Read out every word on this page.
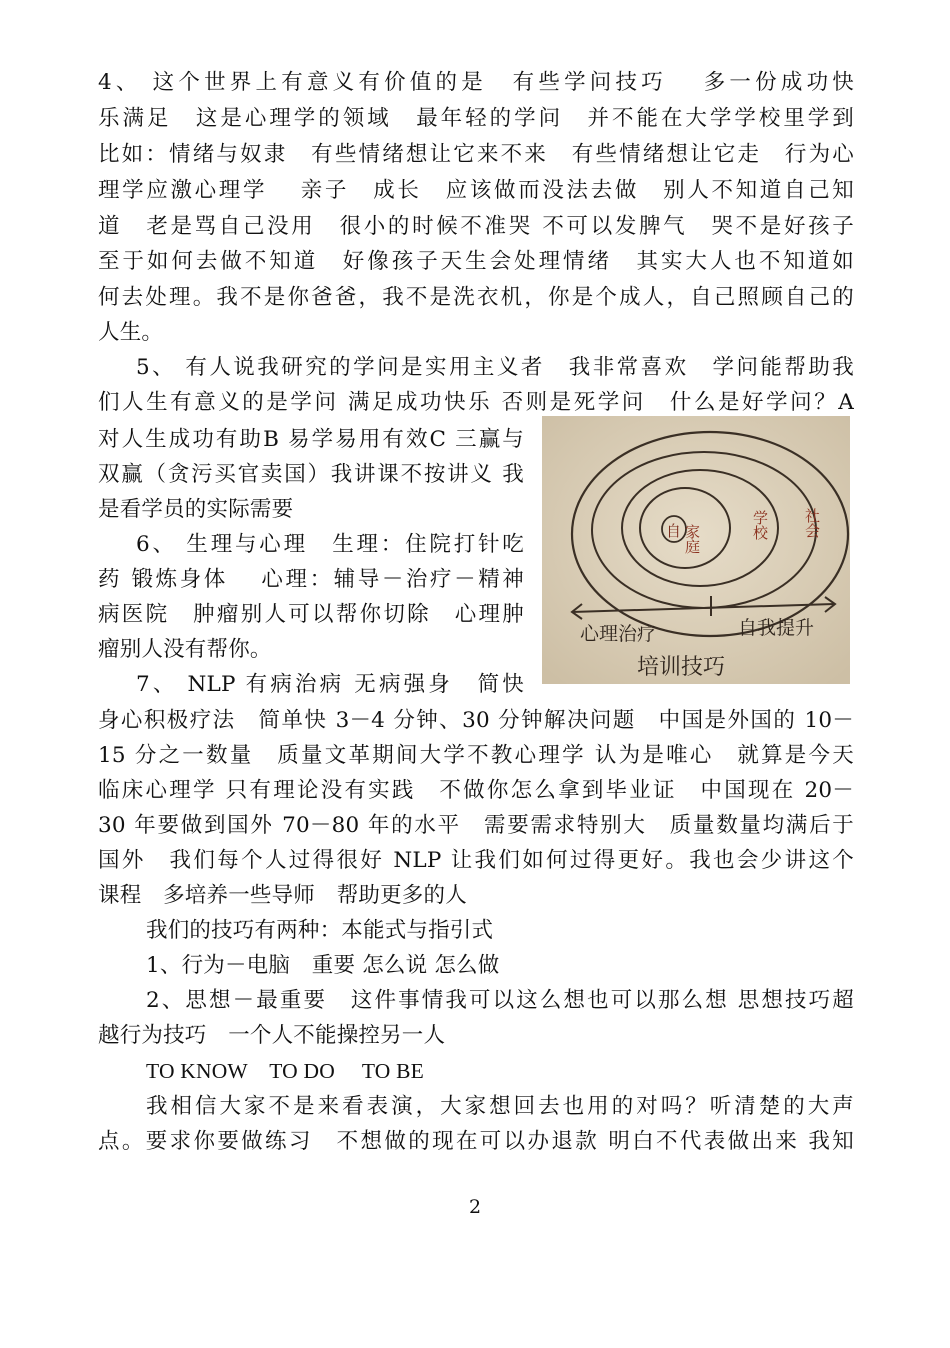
4、 这个世界上有意义有价值的是　有些学问技巧　 多一份成功快
乐满足　这是心理学的领域　最年轻的学问　并不能在大学学校里学到
比如：情绪与奴隶　有些情绪想让它来不来　有些情绪想让它走　行为心
理学应激心理学　 亲子　成长　应该做而没法去做　别人不知道自己知
道　老是骂自己没用　很小的时候不准哭 不可以发脾气　哭不是好孩子
至于如何去做不知道　好像孩子天生会处理情绪　其实大人也不知道如
何去处理。我不是你爸爸，我不是洗衣机，你是个成人，自己照顾自己的
人生。
5、 有人说我研究的学问是实用主义者　我非常喜欢　学问能帮助我
们人生有意义的是学问 满足成功快乐 否则是死学问　什么是好学问？A
对人生成功有助B 易学易用有效C 三赢与
双赢（贪污买官卖国）我讲课不按讲义 我
是看学员的实际需要
6、 生理与心理　生理：住院打针吃
药 锻炼身体　 心理：辅导－治疗－精神
病医院　肿瘤别人可以帮你切除　心理肿
瘤别人没有帮你。
7、 NLP 有病治病 无病强身　简快
身心积极疗法　简单快 3－4 分钟、30 分钟解决问题　中国是外国的 10－
15 分之一数量　质量文革期间大学不教心理学 认为是唯心　就算是今天
临床心理学 只有理论没有实践　不做你怎么拿到毕业证　中国现在 20－
30 年要做到国外 70－80 年的水平　需要需求特别大　质量数量均满后于
国外　我们每个人过得很好 NLP 让我们如何过得更好。我也会少讲这个
课程　多培养一些导师　帮助更多的人
我们的技巧有两种：本能式与指引式
1、行为－电脑　重要 怎么说 怎么做
2、思想－最重要　这件事情我可以这么想也可以那么想 思想技巧超
越行为技巧　一个人不能操控另一人
TO KNOW　TO DO　 TO BE
我相信大家不是来看表演，大家想回去也用的对吗？听清楚的大声
点。要求你要做练习　不想做的现在可以办退款 明白不代表做出来 我知
自 家庭	学校 社会
心理治疗	自我提升
培训技巧
2
